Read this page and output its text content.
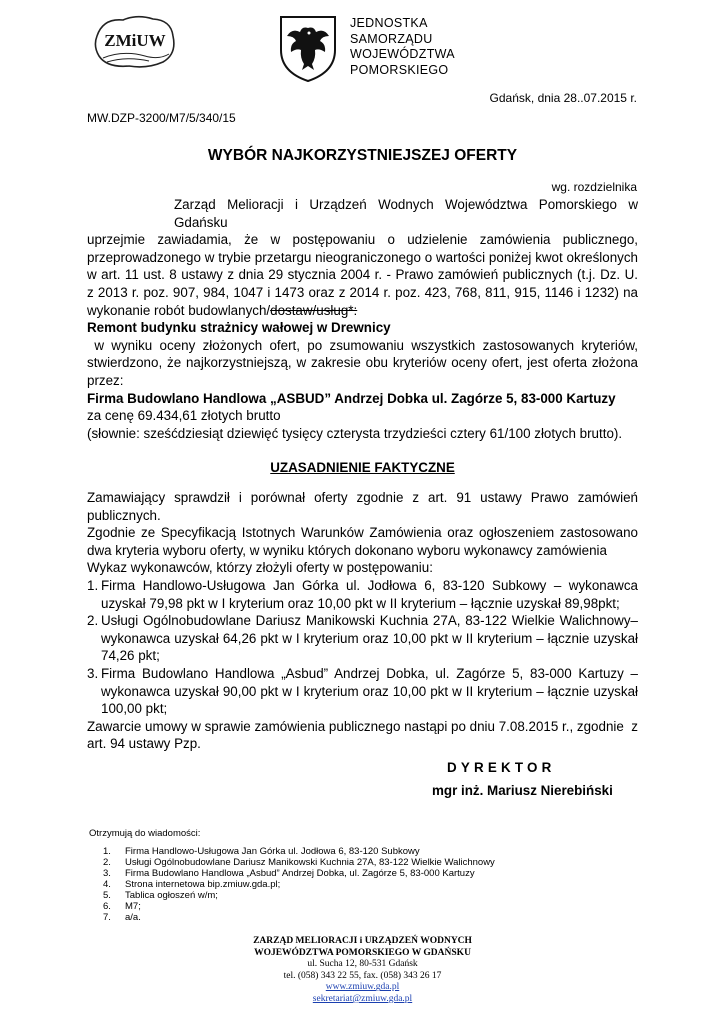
ZMiUW
JEDNOSTKA
SAMORZĄDU
WOJEWÓDZTWA
POMORSKIEGO
Gdańsk, dnia 28..07.2015 r.
MW.DZP-3200/M7/5/340/15
WYBÓR NAJKORZYSTNIEJSZEJ OFERTY
wg. rozdzielnika
Zarząd Melioracji i Urządzeń Wodnych Województwa Pomorskiego w Gdańsku
uprzejmie zawiadamia, że w postępowaniu o udzielenie zamówienia publicznego,
przeprowadzonego w trybie przetargu nieograniczonego o wartości poniżej kwot określonych
w art. 11 ust. 8 ustawy z dnia 29 stycznia 2004 r. - Prawo zamówień publicznych (t.j. Dz. U.
z 2013 r. poz. 907, 984, 1047 i 1473 oraz z 2014 r. poz. 423, 768, 811, 915, 1146 i 1232) na
wykonanie robót budowlanych/dostaw/usług*:
Remont budynku strażnicy wałowej w Drewnicy
w wyniku oceny złożonych ofert, po zsumowaniu wszystkich zastosowanych kryteriów,
stwierdzono, że najkorzystniejszą, w zakresie obu kryteriów oceny ofert, jest oferta złożona
przez:
Firma Budowlano Handlowa „ASBUD” Andrzej Dobka ul. Zagórze 5, 83-000 Kartuzy
za cenę 69.434,61 złotych brutto
(słownie: sześćdziesiąt dziewięć tysięcy czterysta trzydzieści cztery 61/100 złotych brutto).
UZASADNIENIE FAKTYCZNE
Zamawiający sprawdził i porównał oferty zgodnie z art. 91 ustawy Prawo zamówień
publicznych.
Zgodnie ze Specyfikacją Istotnych Warunków Zamówienia oraz ogłoszeniem zastosowano
dwa kryteria wyboru oferty, w wyniku których dokonano wyboru wykonawcy zamówienia
Wykaz wykonawców, którzy złożyli oferty w postępowaniu:
1. Firma Handlowo-Usługowa Jan Górka ul. Jodłowa 6, 83-120 Subkowy – wykonawca
uzyskał 79,98 pkt w I kryterium oraz 10,00 pkt w II kryterium – łącznie uzyskał 89,98pkt;
2. Usługi Ogólnobudowlane Dariusz Manikowski Kuchnia 27A, 83-122 Wielkie Walichnowy–
wykonawca uzyskał 64,26 pkt w I kryterium oraz 10,00 pkt w II kryterium – łącznie uzyskał
74,26 pkt;
3. Firma Budowlano Handlowa „Asbud” Andrzej Dobka, ul. Zagórze 5, 83-000 Kartuzy –
wykonawca uzyskał 90,00 pkt w I kryterium oraz 10,00 pkt w II kryterium – łącznie uzyskał
100,00 pkt;
Zawarcie umowy w sprawie zamówienia publicznego nastąpi po dniu 7.08.2015 r., zgodnie  z
art. 94 ustawy Pzp.
DYREKTOR
mgr inż. Mariusz Nierebiński
Otrzymują do wiadomości:
1. Firma Handlowo-Usługowa Jan Górka ul. Jodłowa 6, 83-120 Subkowy
2. Usługi Ogólnobudowlane Dariusz Manikowski Kuchnia 27A, 83-122 Wielkie Walichnowy
3. Firma Budowlano Handlowa „Asbud” Andrzej Dobka, ul. Zagórze 5, 83-000 Kartuzy
4. Strona internetowa bip.zmiuw.gda.pl;
5. Tablica ogłoszeń w/m;
6. M7;
7. a/a.
ZARZĄD MELIORACJI i URZĄDZEŃ WODNYCH
WOJEWÓDZTWA POMORSKIEGO W GDAŃSKU
ul. Sucha 12, 80-531 Gdańsk
tel. (058) 343 22 55, fax. (058) 343 26 17
www.zmiuw.gda.pl
sekretariat@zmiuw.gda.pl
